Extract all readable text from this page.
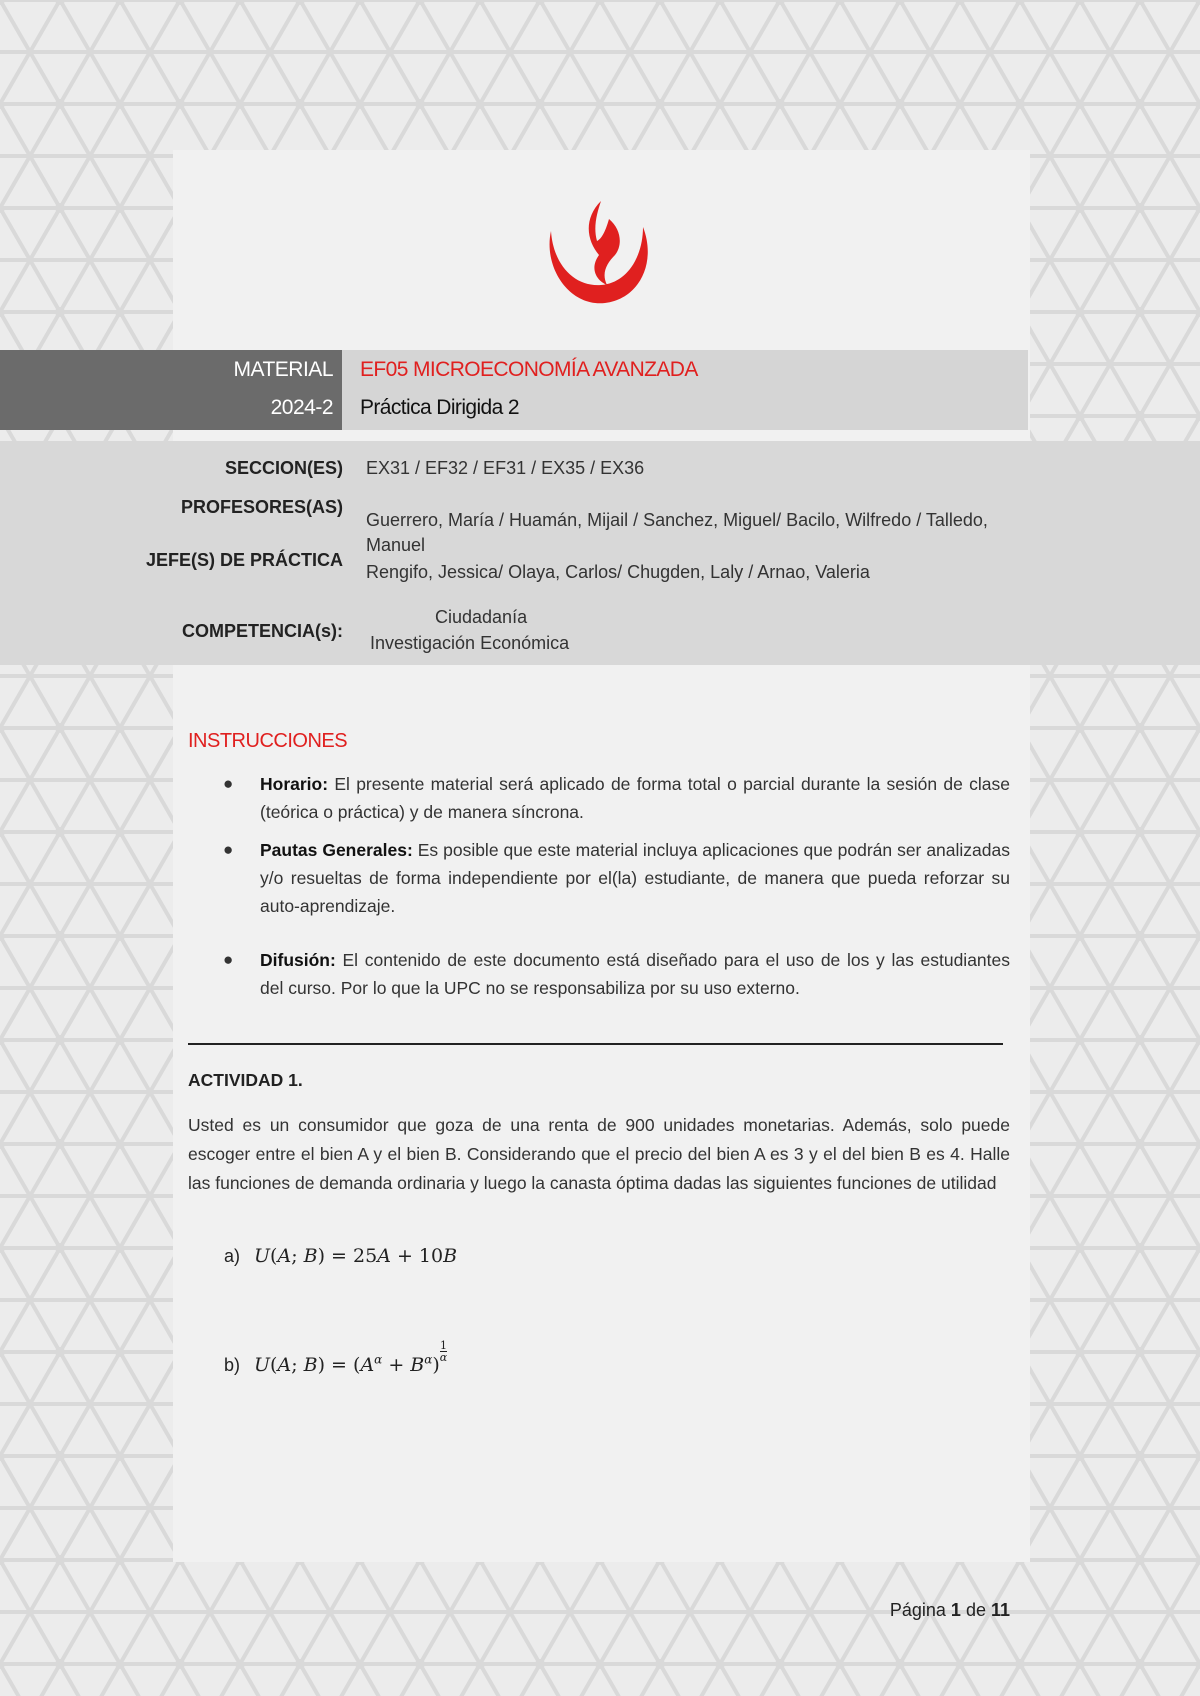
MATERIAL
2024-2
EF05 MICROECONOMÍA AVANZADA
Práctica Dirigida 2
SECCION(ES) EX31 / EF32 / EF31 / EX35 / EX36
PROFESORES(AS)
Guerrero, María / Huamán, Mijail / Sanchez, Miguel/ Bacilo, Wilfredo / Talledo, Manuel
JEFE(S) DE PRÁCTICA
Rengifo, Jessica/ Olaya, Carlos/ Chugden, Laly / Arnao, Valeria
COMPETENCIA(s):
Ciudadanía
Investigación Económica
INSTRUCCIONES
● Horario: El presente material será aplicado de forma total o parcial durante la sesión de clase (teórica o práctica) y de manera síncrona.
● Pautas Generales: Es posible que este material incluya aplicaciones que podrán ser analizadas y/o resueltas de forma independiente por el(la) estudiante, de manera que pueda reforzar su auto-aprendizaje.
● Difusión: El contenido de este documento está diseñado para el uso de los y las estudiantes del curso. Por lo que la UPC no se responsabiliza por su uso externo.
ACTIVIDAD 1.
Usted es un consumidor que goza de una renta de 900 unidades monetarias. Además, solo puede escoger entre el bien A y el bien B. Considerando que el precio del bien A es 3 y el del bien B es 4. Halle las funciones de demanda ordinaria y luego la canasta óptima dadas las siguientes funciones de utilidad
a) U(A; B) = 25A + 10B
b) U(A; $B) = (A^\alpha + B^\alpha)$
$\frac{1}{\alpha}$
Página 1 de 11
